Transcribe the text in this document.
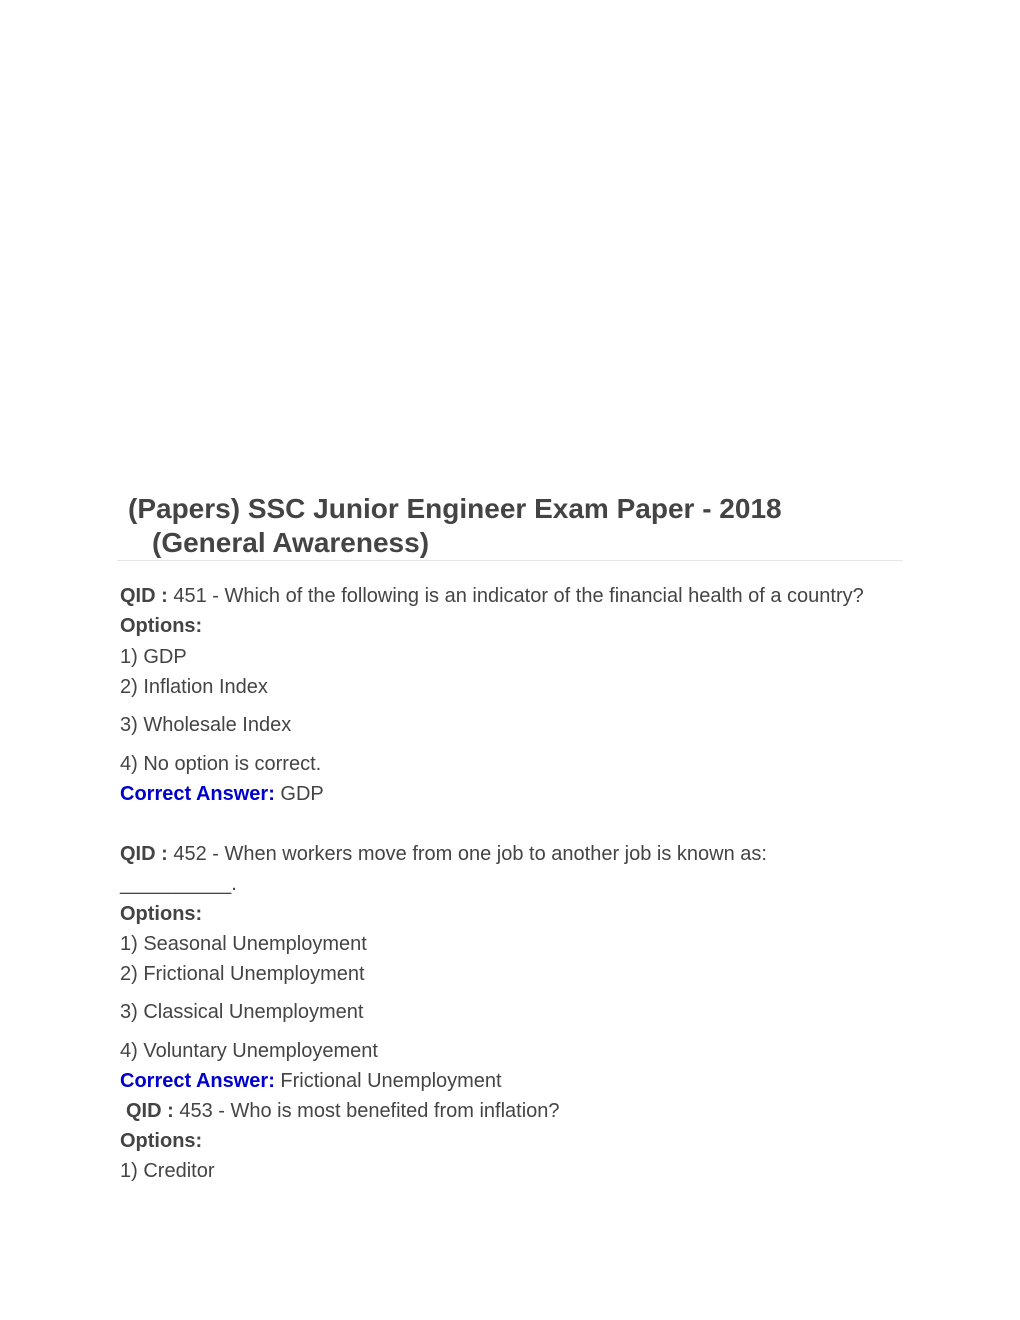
(Papers) SSC Junior Engineer Exam Paper - 2018
(General Awareness)
QID : 451 - Which of the following is an indicator of the financial health of a country?
Options:
1) GDP
2) Inflation Index
3) Wholesale Index
4) No option is correct.
Correct Answer: GDP
QID : 452 - When workers move from one job to another job is known as:
__________.
Options:
1) Seasonal Unemployment
2) Frictional Unemployment
3) Classical Unemployment
4) Voluntary Unemployement
Correct Answer: Frictional Unemployment
QID : 453 - Who is most benefited from inflation?
Options:
1) Creditor
